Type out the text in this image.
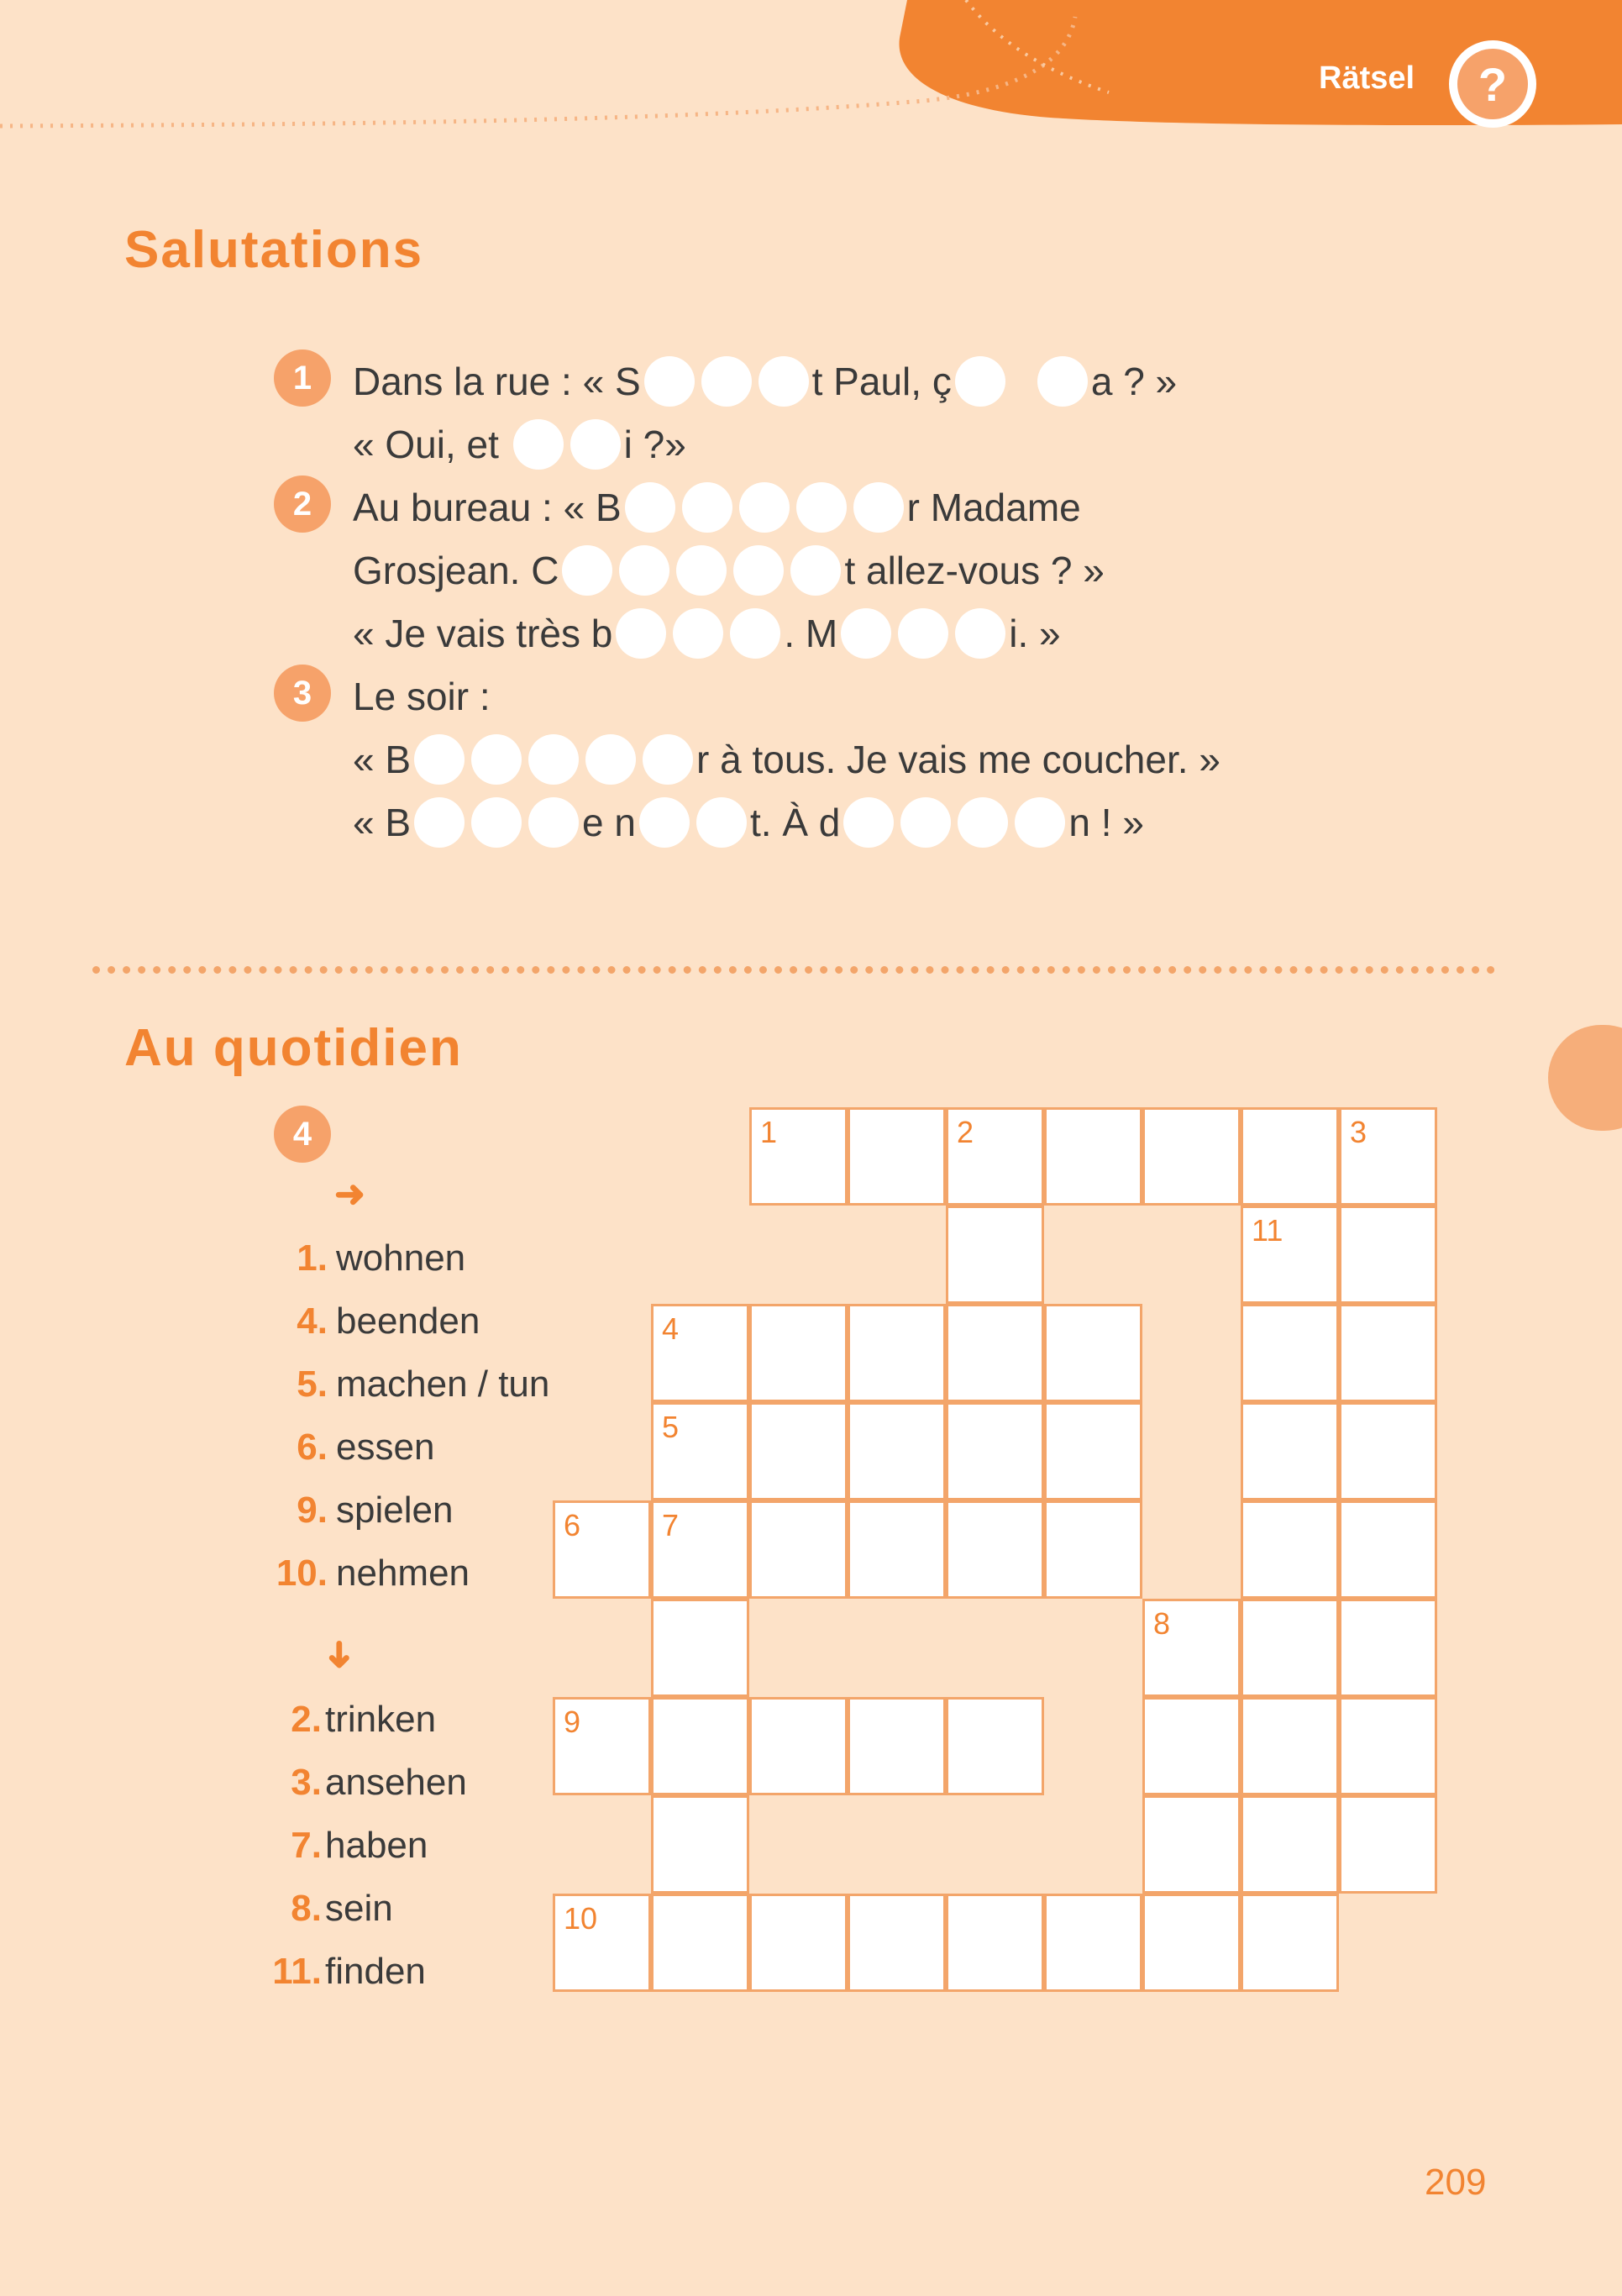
?
Rätsel
Salutations
1	Dans la rue : « S	t Paul, ç	a ? »
« Oui, et	i ?»
2	Au bureau : « B	r Madame
Grosjean. C	t allez-vous ? »
« Je vais très b	. M	i. »
3	Le soir :
« B	r à tous. Je vais me coucher. »
« B	e n	t. À d	n ! »
Au quotidien
4
➜
1. wohnen
4. beenden
5. machen / tun
6. essen
9. spielen
10. nehmen
➜
2.trinken
3.ansehen
7.haben
8.sein
11.finden
1	2	3
11
4
5
6	7
8
9
10
209
